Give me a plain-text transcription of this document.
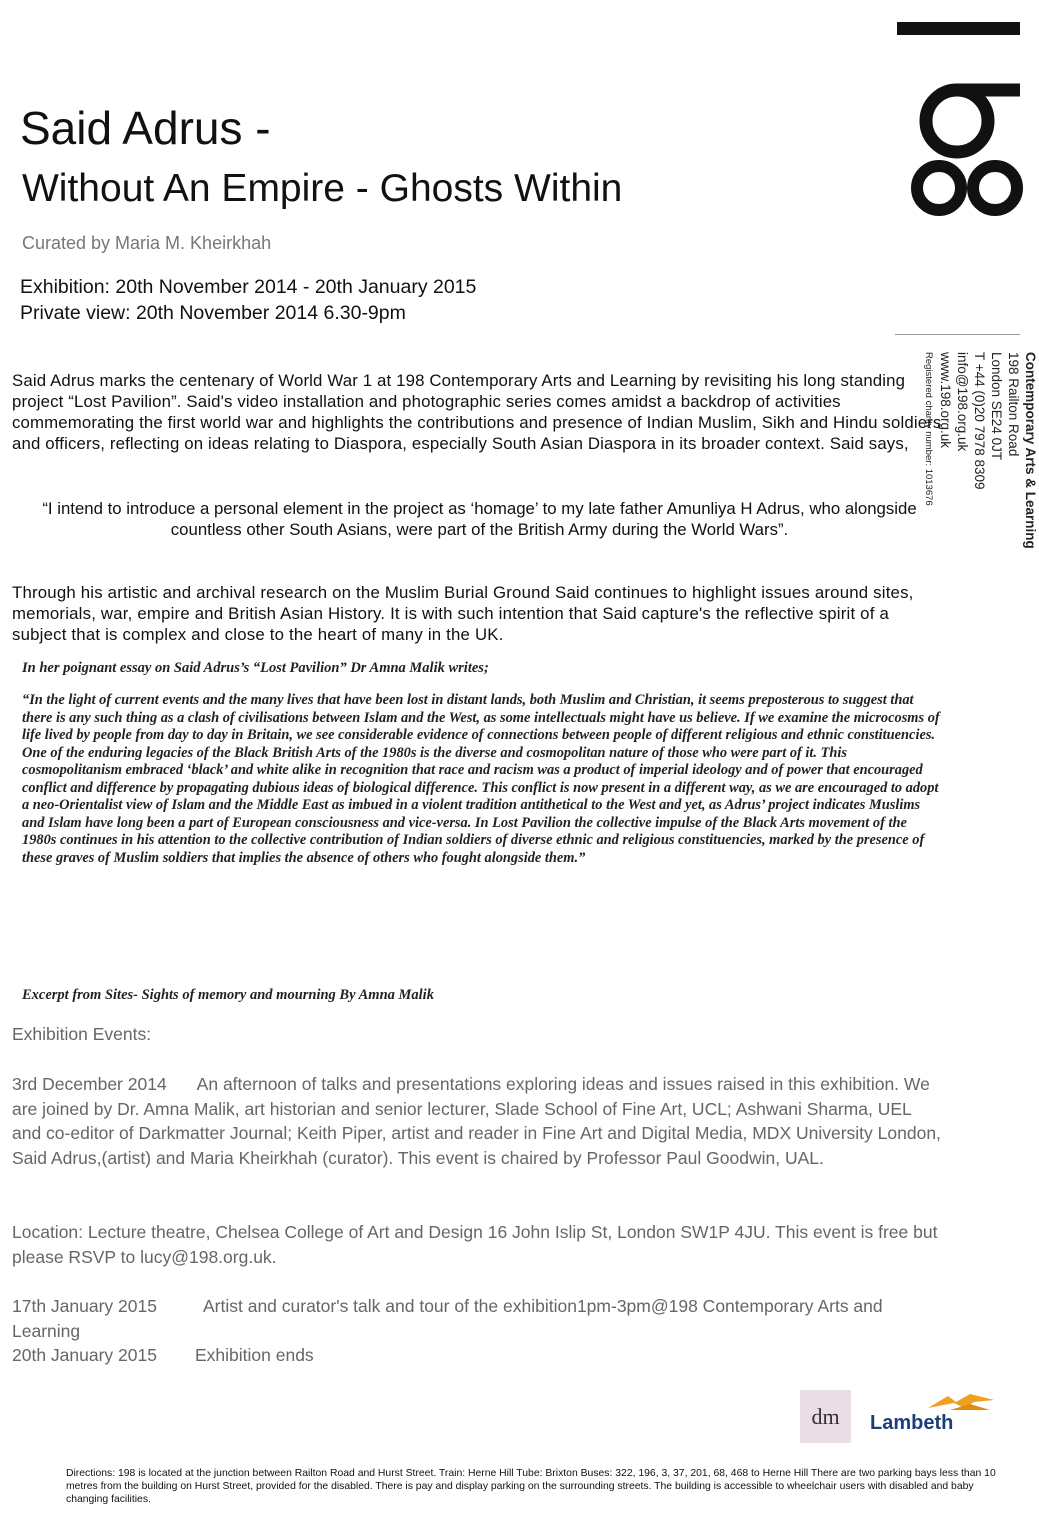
Contemporary Arts & Learning
198 Railton Road
London SE24 0JT
T +44 (0)20 7978 8309
info@198.org.uk
www.198.org.uk
Registered charity number: 1013676
Said Adrus -
Without An Empire - Ghosts Within
Curated by Maria M. Kheirkhah
Exhibition: 20th November 2014 - 20th January 2015
Private view: 20th November 2014 6.30-9pm
Said Adrus marks the centenary of World War 1 at 198 Contemporary Arts and Learning by revisiting his long standing project “Lost Pavilion”. Said's video installation and photographic series comes amidst a backdrop of activities commemorating the first world war and highlights the contributions and presence of Indian Muslim, Sikh and Hindu soldiers and officers, reflecting on ideas relating to Diaspora, especially South Asian Diaspora in its broader context. Said says,
“I intend to introduce a personal element in the project as ‘homage’ to my late father Amunliya H Adrus, who alongside countless other South Asians, were part of the British Army during the World Wars”.
Through his artistic and archival research on the Muslim Burial Ground Said continues to highlight issues around sites, memorials, war, empire and British Asian History. It is with such intention that Said capture's the reflective spirit of a subject that is complex and close to the heart of many in the UK.
In her poignant essay on Said Adrus’s “Lost Pavilion” Dr Amna Malik writes;
“In the light of current events and the many lives that have been lost in distant lands, both Muslim and Christian, it seems preposterous to suggest that there is any such thing as a clash of civilisations between Islam and the West, as some intellectuals might have us believe. If we examine the microcosms of life lived by people from day to day in Britain, we see considerable evidence of connections between people of different religious and ethnic constituencies. One of the enduring legacies of the Black British Arts of the 1980s is the diverse and cosmopolitan nature of those who were part of it. This cosmopolitanism embraced ‘black’ and white alike in recognition that race and racism was a product of imperial ideology and of power that encouraged conflict and difference by propagating dubious ideas of biological difference. This conflict is now present in a different way, as we are encouraged to adopt a neo-Orientalist view of Islam and the Middle East as imbued in a violent tradition antithetical to the West and yet, as Adrus’ project indicates Muslims and Islam have long been a part of European consciousness and vice-versa. In Lost Pavilion the collective impulse of the Black Arts movement of the 1980s continues in his attention to the collective contribution of Indian soldiers of diverse ethnic and religious constituencies, marked by the presence of these graves of Muslim soldiers that implies the absence of others who fought alongside them.”
Excerpt from Sites- Sights of memory and mourning By Amna Malik
Exhibition Events:
3rd December 2014 An afternoon of talks and presentations exploring ideas and issues raised in this exhibition. We are joined by Dr. Amna Malik, art historian and senior lecturer, Slade School of Fine Art, UCL; Ashwani Sharma, UEL and co-editor of Darkmatter Journal; Keith Piper, artist and reader in Fine Art and Digital Media, MDX University London, Said Adrus,(artist) and Maria Kheirkhah (curator). This event is chaired by Professor Paul Goodwin, UAL.
Location: Lecture theatre, Chelsea College of Art and Design 16 John Islip St, London SW1P 4JU. This event is free but please RSVP to lucy@198.org.uk.
17th January 2015	Artist and curator's talk and tour of the exhibition1pm-3pm@198 Contemporary Arts and Learning
20th January 2015 Exhibition ends
dm	Lambeth
Directions: 198 is located at the junction between Railton Road and Hurst Street. Train: Herne Hill Tube: Brixton Buses: 322, 196, 3, 37, 201, 68, 468 to Herne Hill There are two parking bays less than 10 metres from the building on Hurst Street, provided for the disabled. There is pay and display parking on the surrounding streets. The building is accessible to wheelchair users with disabled and baby changing facilities.
